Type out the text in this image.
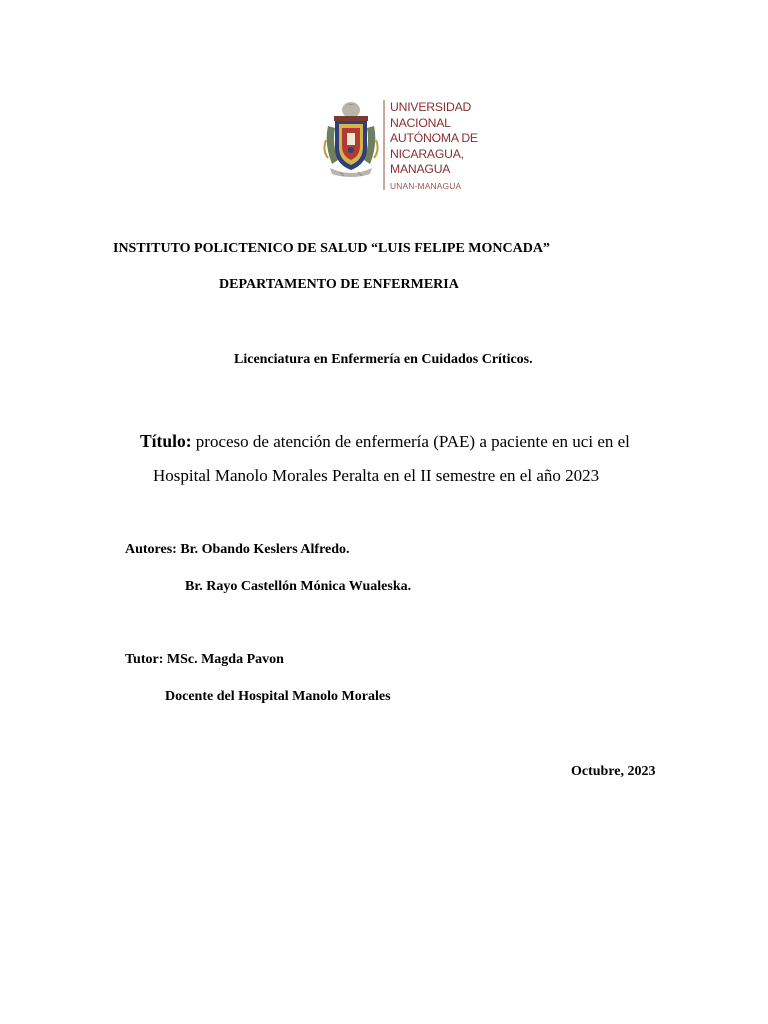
UNIVERSIDAD
NACIONAL
AUTÓNOMA DE
NICARAGUA,
MANAGUA
UNAN-MANAGUA
INSTITUTO POLICTENICO DE SALUD “LUIS FELIPE MONCADA”
DEPARTAMENTO DE ENFERMERIA
Licenciatura en Enfermería en Cuidados Críticos.
Título: proceso de atención de enfermería (PAE) a paciente en uci en el
Hospital Manolo Morales Peralta en el II semestre en el año 2023
Autores: Br. Obando Keslers Alfredo.
Br. Rayo Castellón Mónica Wualeska.
Tutor: MSc. Magda Pavon
Docente del Hospital Manolo Morales
Octubre, 2023
